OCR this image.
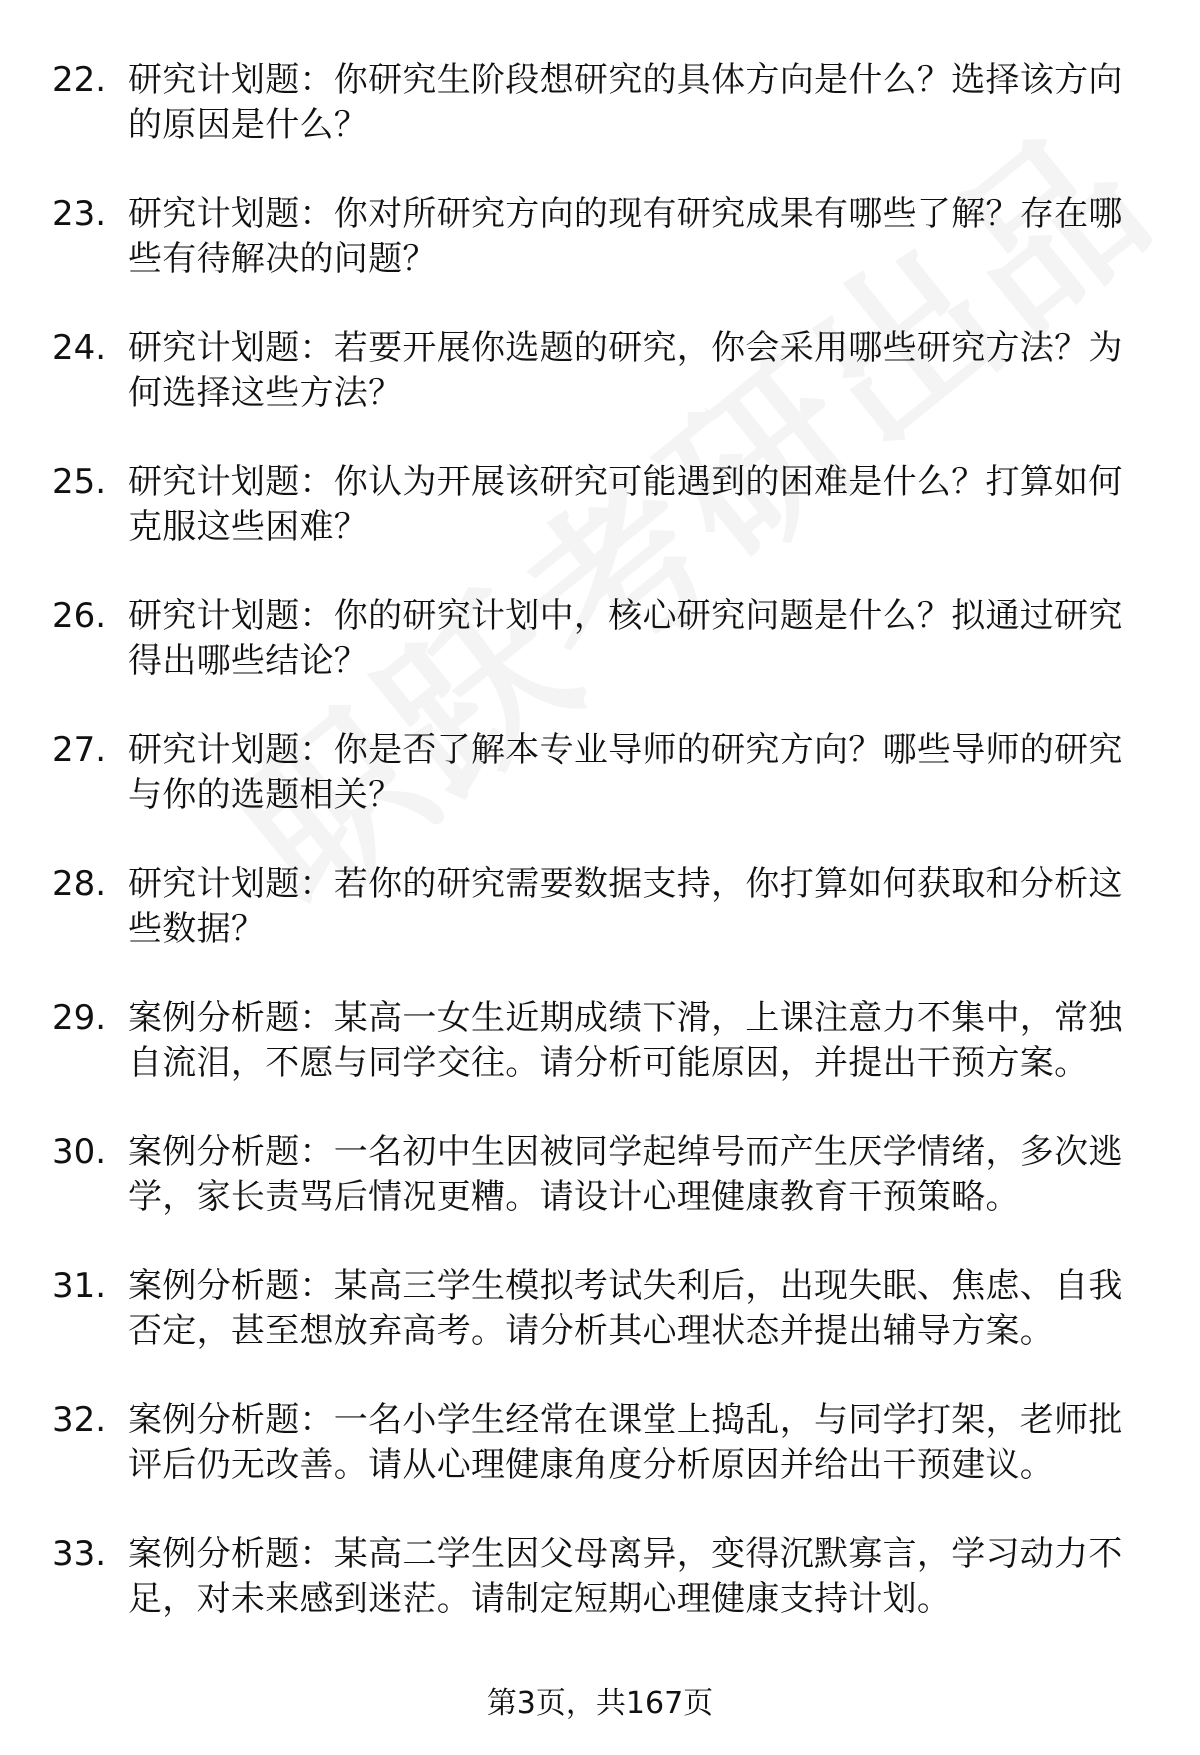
22. 研究计划题：你研究生阶段想研究的具体方向是什么？选择该方向的原因是什么？
23. 研究计划题：你对所研究方向的现有研究成果有哪些了解？存在哪些有待解决的问题？
24. 研究计划题：若要开展你选题的研究，你会采用哪些研究方法？为何选择这些方法？
25. 研究计划题：你认为开展该研究可能遇到的困难是什么？打算如何克服这些困难？
26. 研究计划题：你的研究计划中，核心研究问题是什么？拟通过研究得出哪些结论？
27. 研究计划题：你是否了解本专业导师的研究方向？哪些导师的研究与你的选题相关？
28. 研究计划题：若你的研究需要数据支持，你打算如何获取和分析这些数据？
29. 案例分析题：某高一女生近期成绩下滑，上课注意力不集中，常独自流泪，不愿与同学交往。请分析可能原因，并提出干预方案。
30. 案例分析题：一名初中生因被同学起绰号而产生厌学情绪，多次逃学，家长责骂后情况更糟。请设计心理健康教育干预策略。
31. 案例分析题：某高三学生模拟考试失利后，出现失眠、焦虑、自我否定，甚至想放弃高考。请分析其心理状态并提出辅导方案。
32. 案例分析题：一名小学生经常在课堂上捣乱，与同学打架，老师批评后仍无改善。请从心理健康角度分析原因并给出干预建议。
33. 案例分析题：某高二学生因父母离异，变得沉默寡言，学习动力不足，对未来感到迷茫。请制定短期心理健康支持计划。
第3页，共167页
